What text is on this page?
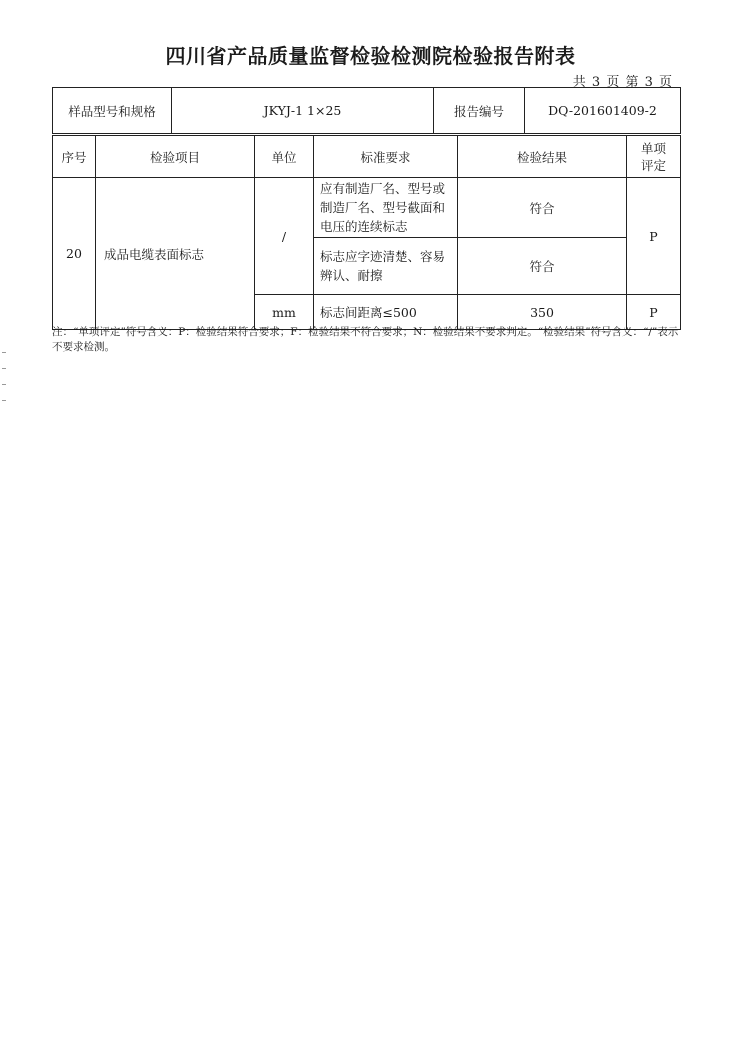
四川省产品质量监督检验检测院检验报告附表
共 3 页 第 3 页
样品型号和规格	JKYJ-1 1×25	报告编号	DQ-201601409-2
序号	检验项目	单位	标准要求	检验结果	单项
评定
20	成品电缆表面标志	/	应有制造厂名、型号或制造厂名、型号截面和电压的连续标志	符合	P
			标志应字迹清楚、容易辨认、耐擦	符合	
		mm	标志间距离≤500	350	P
注：“单项评定”符号含义：P：检验结果符合要求；F：检验结果不符合要求；N：检验结果不要求判定。“检验结果”符号含义：“/”表示不要求检测。
